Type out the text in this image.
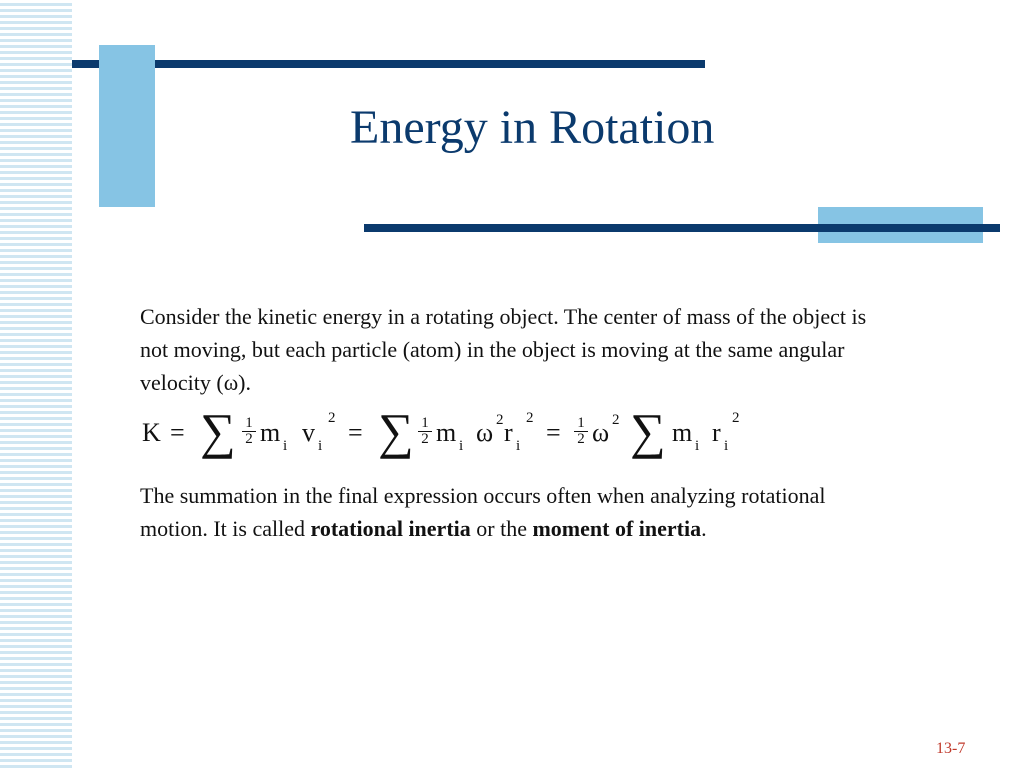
Energy in Rotation

Consider the kinetic energy in a rotating object. The center of mass of the object is not moving, but each particle (atom) in the object is moving at the same angular velocity (ω).

K = ∑ $\frac{1}{2}$ m i v i
2 = ∑ $\frac{1}{2}$ m i ω 2 r i
$2 = \frac{1}{2}$ ω 2 ∑ m i r i
2

The summation in the final expression occurs often when analyzing rotational motion. It is called rotational inertia or the moment of inertia.

13-7
